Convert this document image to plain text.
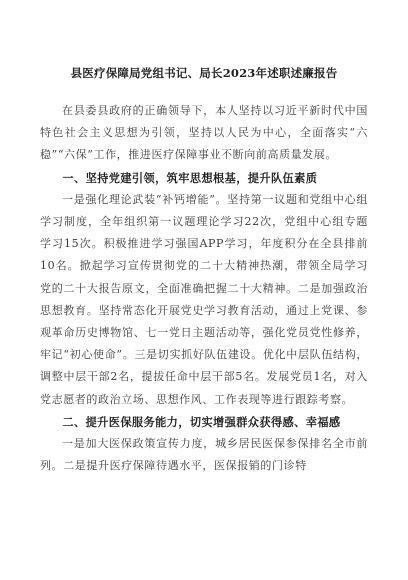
县医疗保障局党组书记、局长2023年述职述廉报告

在县委县政府的正确领导下，本人坚持以习近平新时代中国特色社会主义思想为引领，坚持以人民为中心，全面落实“六稳”“六保”工作，推进医疗保障事业不断向前高质量发展。

一、坚持党建引领，筑牢思想根基，提升队伍素质

一是强化理论武装“补钙增能”。坚持第一议题和党组中心组学习制度，全年组织第一议题理论学习22次，党组中心组专题学习15次。积极推进学习强国APP学习，年度积分在全县排前10名。掀起学习宣传贯彻党的二十大精神热潮，带领全局学习党的二十大报告原文，全面准确把握二十大精神。二是加强政治思想教育。坚持常态化开展党史学习教育活动，通过上党课、参观革命历史博物馆、七一党日主题活动等，强化党员党性修养，牢记“初心使命”。三是切实抓好队伍建设。优化中层队伍结构，调整中层干部2名，提拔任命中层干部5名。发展党员1名，对入党志愿者的政治立场、思想作风、工作表现等进行跟踪考察。

二、提升医保服务能力，切实增强群众获得感、幸福感

一是加大医保政策宣传力度，城乡居民医保参保排名全市前列。二是提升医疗保障待遇水平，医保报销的门诊特
